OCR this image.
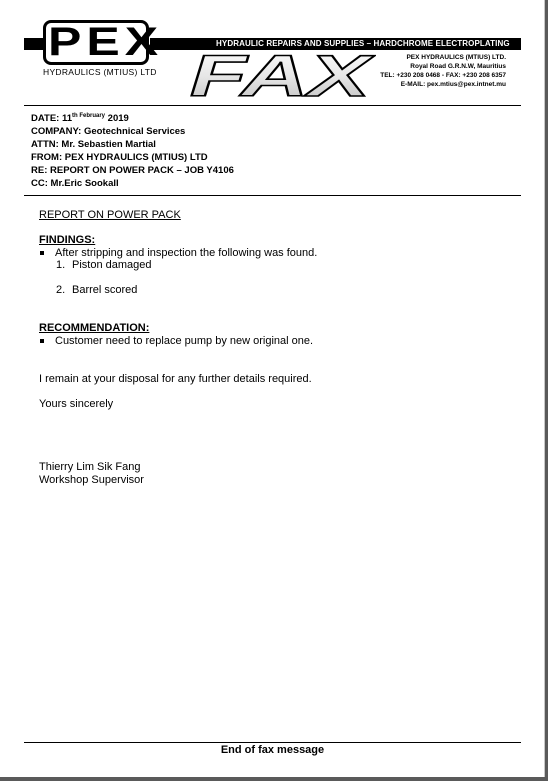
HYDRAULIC REPAIRS AND SUPPLIES – HARDCHROME ELECTROPLATING
PEX
HYDRAULICS (MTIUS) LTD FAX	PEX HYDRAULICS (MTIUS) LTD.
Royal Road G.R.N.W, Mauritius
TEL: +230 208 0468 - FAX: +230 208 6357
E-MAIL: pex.mtius@pex.intnet.mu
DATE: $11^{th February}$ 2019
COMPANY: Geotechnical Services
ATTN: Mr. Sebastien Martial
FROM: PEX HYDRAULICS (MTIUS) LTD
RE: REPORT ON POWER PACK – JOB Y4106
CC: Mr.Eric Sookall
REPORT ON POWER PACK
FINDINGS:
After stripping and inspection the following was found.
1. Piston damaged
2. Barrel scored
RECOMMENDATION:
Customer need to replace pump by new original one.
I remain at your disposal for any further details required.
Yours sincerely
Thierry Lim Sik Fang
Workshop Supervisor
End of fax message
